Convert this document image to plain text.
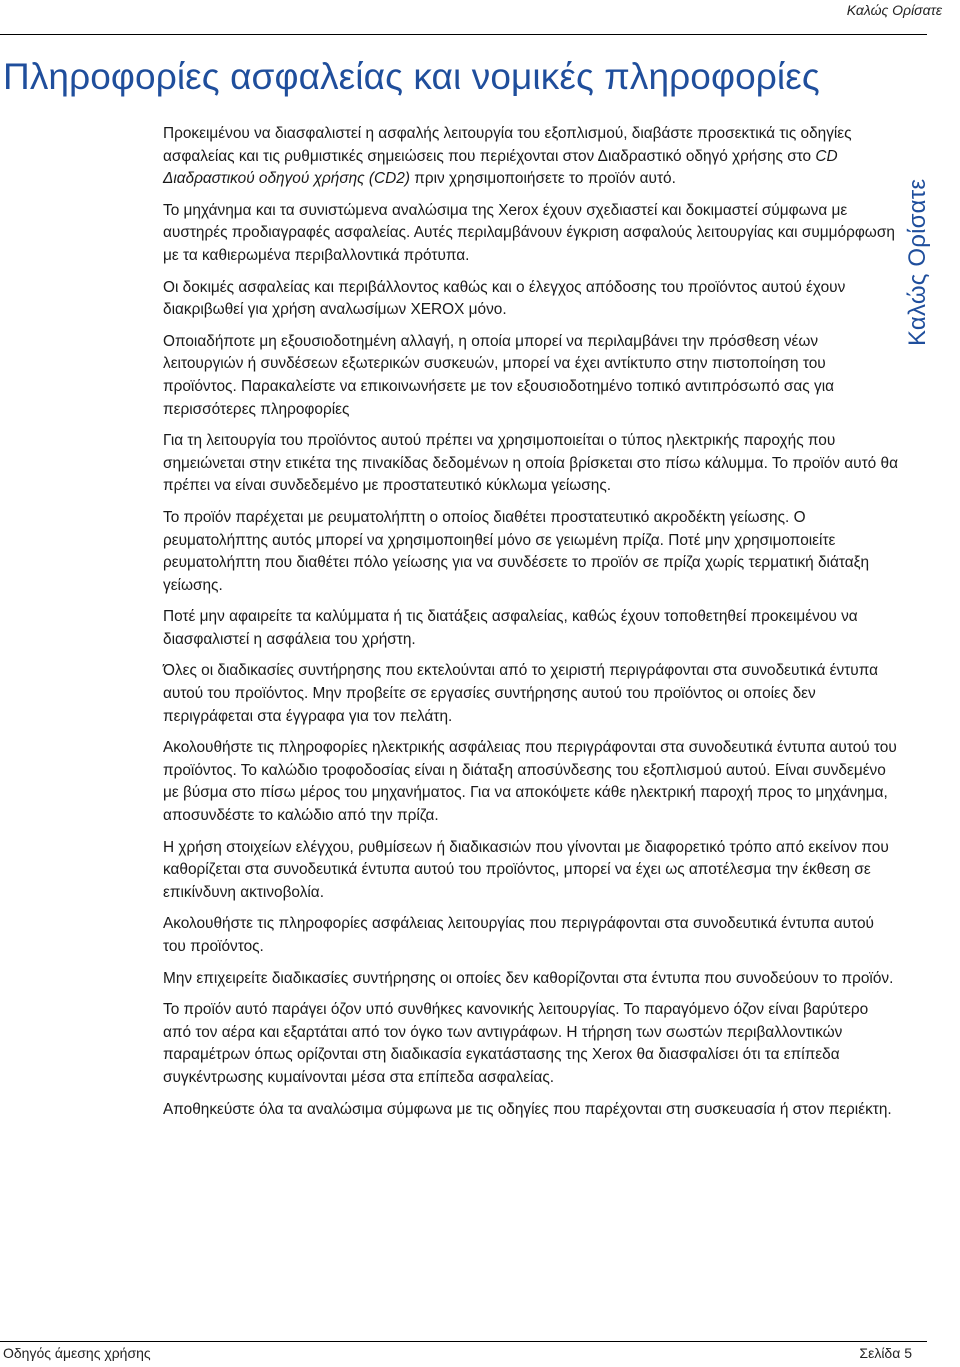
Καλώς Ορίσατε
Καλώς Ορίσατε
Πληροφορίες ασφαλείας και νομικές πληροφορίες

Προκειμένου να διασφαλιστεί η ασφαλής λειτουργία του εξοπλισμού, διαβάστε προσεκτικά τις οδηγίες ασφαλείας και τις ρυθμιστικές σημειώσεις που περιέχονται στον Διαδραστικό οδηγό χρήσης στο CD Διαδραστικού οδηγού χρήσης (CD2) πριν χρησιμοποιήσετε το προϊόν αυτό.

Το μηχάνημα και τα συνιστώμενα αναλώσιμα της Xerox έχουν σχεδιαστεί και δοκιμαστεί σύμφωνα με αυστηρές προδιαγραφές ασφαλείας. Αυτές περιλαμβάνουν έγκριση ασφαλούς λειτουργίας και συμμόρφωση με τα καθιερωμένα περιβαλλοντικά πρότυπα.

Οι δοκιμές ασφαλείας και περιβάλλοντος καθώς και ο έλεγχος απόδοσης του προϊόντος αυτού έχουν διακριβωθεί για χρήση αναλωσίμων XEROX μόνο.

Οποιαδήποτε μη εξουσιοδοτημένη αλλαγή, η οποία μπορεί να περιλαμβάνει την πρόσθεση νέων λειτουργιών ή συνδέσεων εξωτερικών συσκευών, μπορεί να έχει αντίκτυπο στην πιστοποίηση του προϊόντος. Παρακαλείστε να επικοινωνήσετε με τον εξουσιοδοτημένο τοπικό αντιπρόσωπό σας για περισσότερες πληροφορίες

Για τη λειτουργία του προϊόντος αυτού πρέπει να χρησιμοποιείται ο τύπος ηλεκτρικής παροχής που σημειώνεται στην ετικέτα της πινακίδας δεδομένων η οποία βρίσκεται στο πίσω κάλυμμα. Το προϊόν αυτό θα πρέπει να είναι συνδεδεμένο με προστατευτικό κύκλωμα γείωσης.

Το προϊόν παρέχεται με ρευματολήπτη ο οποίος διαθέτει προστατευτικό ακροδέκτη γείωσης. Ο ρευματολήπτης αυτός μπορεί να χρησιμοποιηθεί μόνο σε γειωμένη πρίζα. Ποτέ μην χρησιμοποιείτε ρευματολήπτη που διαθέτει πόλο γείωσης για να συνδέσετε το προϊόν σε πρίζα χωρίς τερματική διάταξη γείωσης.

Ποτέ μην αφαιρείτε τα καλύμματα ή τις διατάξεις ασφαλείας, καθώς έχουν τοποθετηθεί προκειμένου να διασφαλιστεί η ασφάλεια του χρήστη.

Όλες οι διαδικασίες συντήρησης που εκτελούνται από το χειριστή περιγράφονται στα συνοδευτικά έντυπα αυτού του προϊόντος. Μην προβείτε σε εργασίες συντήρησης αυτού του προϊόντος οι οποίες δεν περιγράφεται στα έγγραφα για τον πελάτη.

Ακολουθήστε τις πληροφορίες ηλεκτρικής ασφάλειας που περιγράφονται στα συνοδευτικά έντυπα αυτού του προϊόντος. Το καλώδιο τροφοδοσίας είναι η διάταξη αποσύνδεσης του εξοπλισμού αυτού. Είναι συνδεμένο με βύσμα στο πίσω μέρος του μηχανήματος. Για να αποκόψετε κάθε ηλεκτρική παροχή προς το μηχάνημα, αποσυνδέστε το καλώδιο από την πρίζα.

Η χρήση στοιχείων ελέγχου, ρυθμίσεων ή διαδικασιών που γίνονται με διαφορετικό τρόπο από εκείνον που καθορίζεται στα συνοδευτικά έντυπα αυτού του προϊόντος, μπορεί να έχει ως αποτέλεσμα την έκθεση σε επικίνδυνη ακτινοβολία.

Ακολουθήστε τις πληροφορίες ασφάλειας λειτουργίας που περιγράφονται στα συνοδευτικά έντυπα αυτού του προϊόντος.

Μην επιχειρείτε διαδικασίες συντήρησης οι οποίες δεν καθορίζονται στα έντυπα που συνοδεύουν το προϊόν.

Το προϊόν αυτό παράγει όζον υπό συνθήκες κανονικής λειτουργίας. Το παραγόμενο όζον είναι βαρύτερο από τον αέρα και εξαρτάται από τον όγκο των αντιγράφων. Η τήρηση των σωστών περιβαλλοντικών παραμέτρων όπως ορίζονται στη διαδικασία εγκατάστασης της Xerox θα διασφαλίσει ότι τα επίπεδα συγκέντρωσης κυμαίνονται μέσα στα επίπεδα ασφαλείας.

Αποθηκεύστε όλα τα αναλώσιμα σύμφωνα με τις οδηγίες που παρέχονται στη συσκευασία ή στον περιέκτη.

Οδηγός άμεσης χρήσης	Σελίδα 5
